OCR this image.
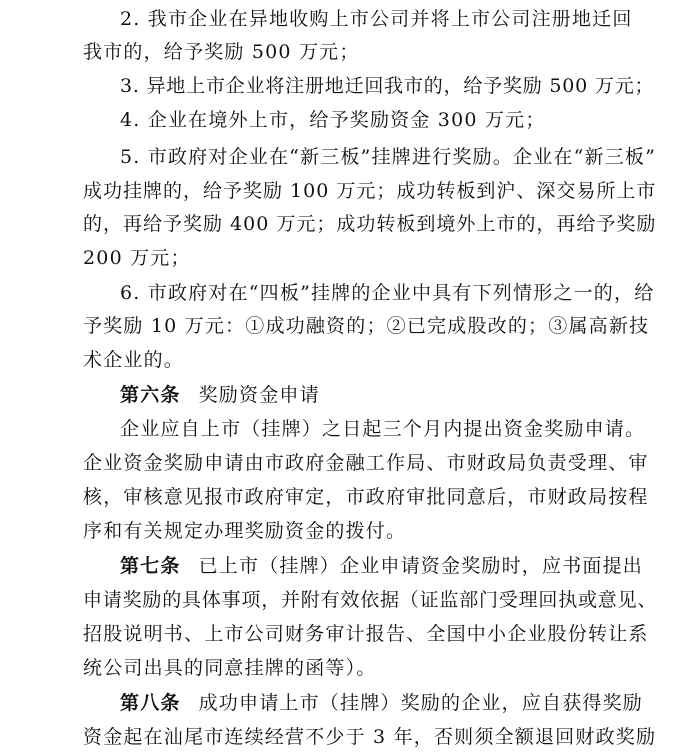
2. 我市企业在异地收购上市公司并将上市公司注册地迁回
我市的，给予奖励 500 万元；
3. 异地上市企业将注册地迁回我市的，给予奖励 500 万元；
4. 企业在境外上市，给予奖励资金 300 万元；
5. 市政府对企业在“新三板”挂牌进行奖励。企业在“新三板”
成功挂牌的，给予奖励 100 万元；成功转板到沪、深交易所上市
的，再给予奖励 400 万元；成功转板到境外上市的，再给予奖励
200 万元；
6. 市政府对在“四板”挂牌的企业中具有下列情形之一的，给
予奖励 10 万元：①成功融资的；②已完成股改的；③属高新技
术企业的。
第六条 奖励资金申请
企业应自上市（挂牌）之日起三个月内提出资金奖励申请。
企业资金奖励申请由市政府金融工作局、市财政局负责受理、审
核，审核意见报市政府审定，市政府审批同意后，市财政局按程
序和有关规定办理奖励资金的拨付。
第七条 已上市（挂牌）企业申请资金奖励时，应书面提出
申请奖励的具体事项，并附有效依据（证监部门受理回执或意见、
招股说明书、上市公司财务审计报告、全国中小企业股份转让系
统公司出具的同意挂牌的函等）。
第八条 成功申请上市（挂牌）奖励的企业，应自获得奖励
资金起在汕尾市连续经营不少于 3 年，否则须全额退回财政奖励
